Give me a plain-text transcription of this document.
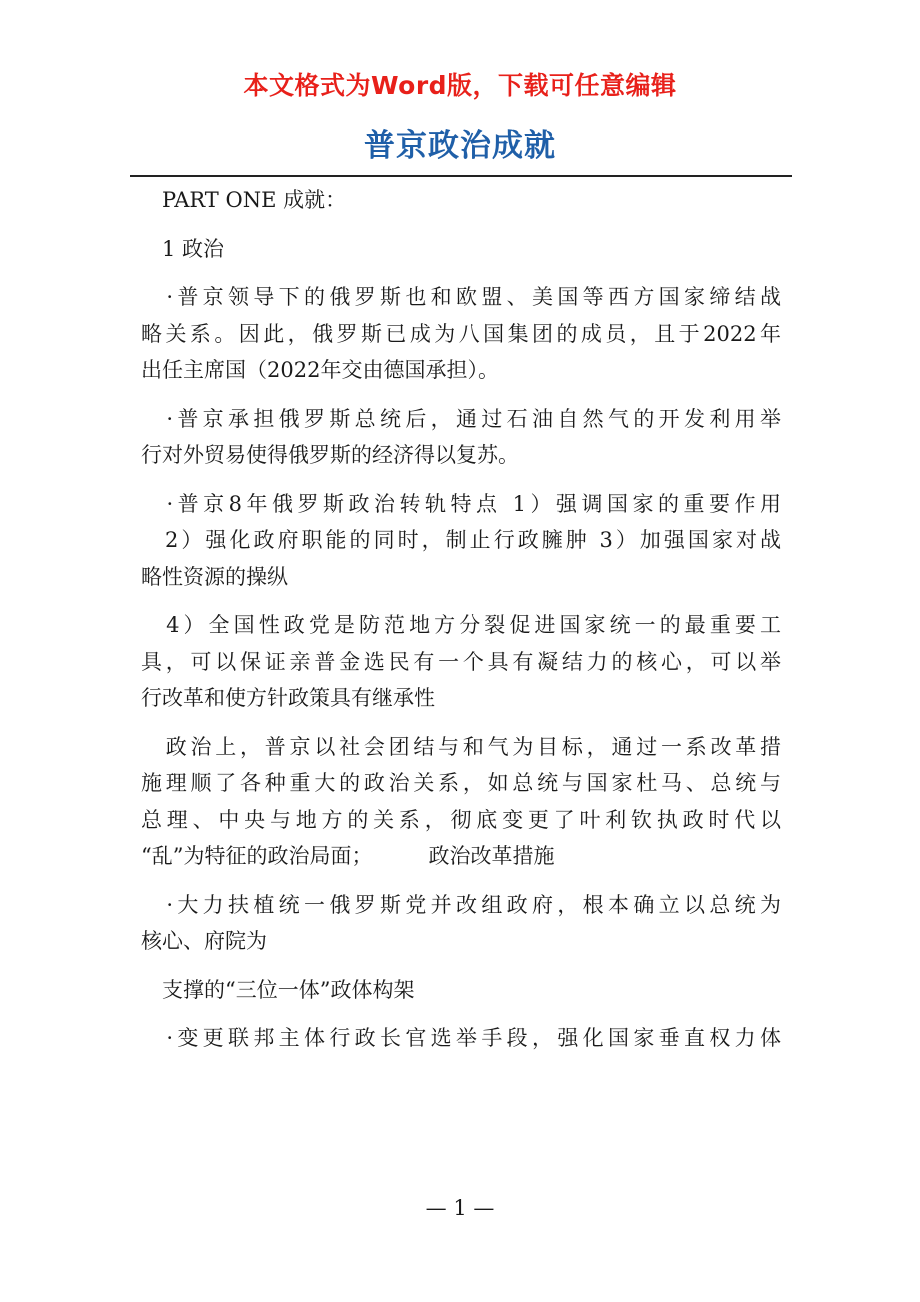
本文格式为Word版，下载可任意编辑
普京政治成就
　PART ONE 成就：
　1 政治
　·普京领导下的俄罗斯也和欧盟、美国等西方国家缔结战
略关系。因此，俄罗斯已成为八国集团的成员，且于2022年
出任主席国（2022年交由德国承担）。
　·普京承担俄罗斯总统后，通过石油自然气的开发利用举
行对外贸易使得俄罗斯的经济得以复苏。
　·普京8年俄罗斯政治转轨特点 1）强调国家的重要作用
　2）强化政府职能的同时，制止行政臃肿 3）加强国家对战
略性资源的操纵
　4）全国性政党是防范地方分裂促进国家统一的最重要工
具，可以保证亲普金选民有一个具有凝结力的核心，可以举
行改革和使方针政策具有继承性
　政治上，普京以社会团结与和气为目标，通过一系改革措
施理顺了各种重大的政治关系，如总统与国家杜马、总统与
总理、中央与地方的关系，彻底变更了叶利钦执政时代以
“乱”为特征的政治局面；	政治改革措施
　·大力扶植统一俄罗斯党并改组政府，根本确立以总统为
核心、府院为
　支撑的“三位一体”政体构架
　·变更联邦主体行政长官选举手段，强化国家垂直权力体
— 1 —
